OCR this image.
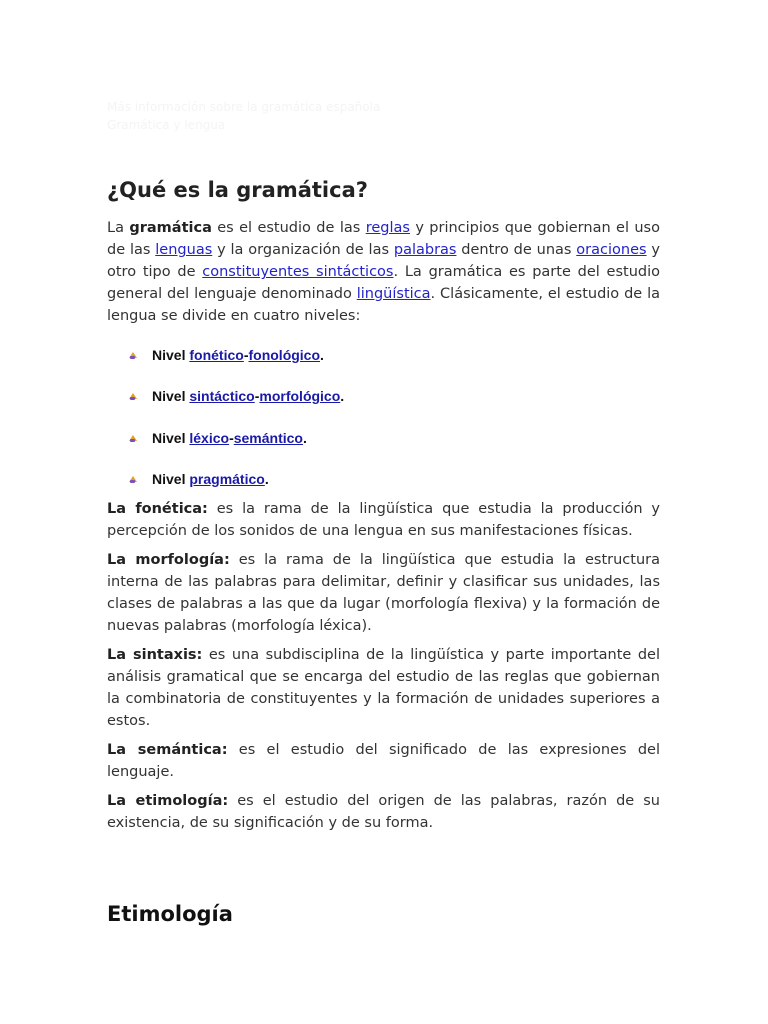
Más información sobre la gramática española
Gramática y lengua
¿Qué es la gramática?

La gramática es el estudio de las reglas y principios que gobiernan el uso de las lenguas y la organización de las palabras dentro de unas oraciones y otro tipo de constituyentes sintácticos. La gramática es parte del estudio general del lenguaje denominado lingüística. Clásicamente, el estudio de la lengua se divide en cuatro niveles:

Nivel fonético-fonológico.
Nivel sintáctico-morfológico.
Nivel léxico-semántico.
Nivel pragmático.

La fonética: es la rama de la lingüística que estudia la producción y percepción de los sonidos de una lengua en sus manifestaciones físicas.

La morfología: es la rama de la lingüística que estudia la estructura interna de las palabras para delimitar, definir y clasificar sus unidades, las clases de palabras a las que da lugar (morfología flexiva) y la formación de nuevas palabras (morfología léxica).

La sintaxis: es una subdisciplina de la lingüística y parte importante del análisis gramatical que se encarga del estudio de las reglas que gobiernan la combinatoria de constituyentes y la formación de unidades superiores a estos.

La semántica: es el estudio del significado de las expresiones del lenguaje.

La etimología: es el estudio del origen de las palabras, razón de su existencia, de su significación y de su forma.

Etimología
